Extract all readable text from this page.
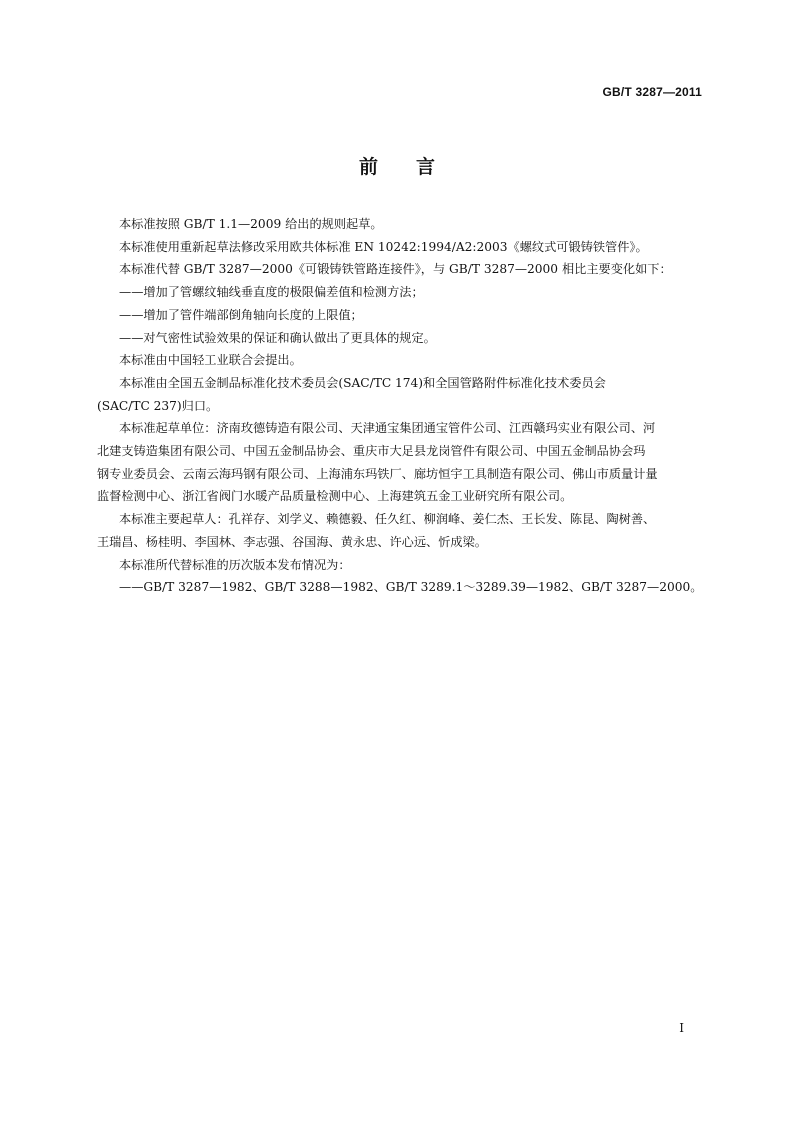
GB/T 3287—2011
前言

本标准按照 GB/T 1.1—2009 给出的规则起草。

本标准使用重新起草法修改采用欧共体标准 EN 10242:1994/A2:2003《螺纹式可锻铸铁管件》。

本标准代替 GB/T 3287—2000《可锻铸铁管路连接件》，与 GB/T 3287—2000 相比主要变化如下：

——增加了管螺纹轴线垂直度的极限偏差值和检测方法；

——增加了管件端部倒角轴向长度的上限值；

——对气密性试验效果的保证和确认做出了更具体的规定。

本标准由中国轻工业联合会提出。

本标准由全国五金制品标准化技术委员会(SAC/TC 174)和全国管路附件标准化技术委员会

(SAC/TC 237)归口。

本标准起草单位：济南玫德铸造有限公司、天津通宝集团通宝管件公司、江西赣玛实业有限公司、河

北建支铸造集团有限公司、中国五金制品协会、重庆市大足县龙岗管件有限公司、中国五金制品协会玛

钢专业委员会、云南云海玛钢有限公司、上海浦东玛铁厂、廊坊恒宇工具制造有限公司、佛山市质量计量

监督检测中心、浙江省阀门水暖产品质量检测中心、上海建筑五金工业研究所有限公司。

本标准主要起草人：孔祥存、刘学义、赖德毅、任久红、柳润峰、姜仁杰、王长发、陈昆、陶树善、

王瑞昌、杨桂明、李国林、李志强、谷国海、黄永忠、许心远、忻成梁。

本标准所代替标准的历次版本发布情况为：

——GB/T 3287—1982、GB/T 3288—1982、GB/T 3289.1～3289.39—1982、GB/T 3287—2000。

I
